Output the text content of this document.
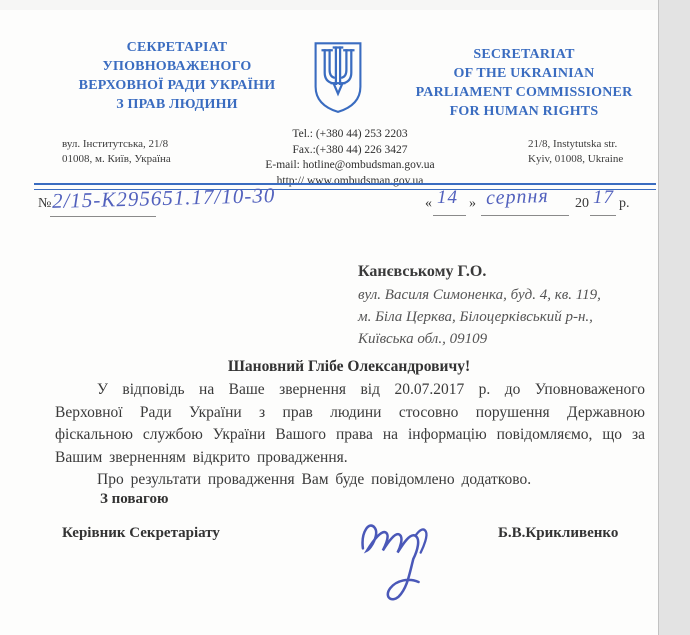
СЕКРЕТАРІАТ
УПОВНОВАЖЕНОГО
ВЕРХОВНОЇ РАДИ УКРАЇНИ
З ПРАВ ЛЮДИНИ
SECRETARIAT
OF THE UKRAINIAN
PARLIAMENT COMMISSIONER
FOR HUMAN RIGHTS
вул. Інститутська, 21/8
01008, м. Київ, Україна
Tel.: (+380 44) 253 2203
Fax.:(+380 44) 226 3427
E-mail: hotline@ombudsman.gov.ua
http:// www.ombudsman.gov.ua
21/8, Instytutska str.
Kyiv, 01008, Ukraine
№ 2/15-К295651.17/10-30	« 14 » серпня 20 17 р.
Канєвському Г.О.
вул. Василя Симоненка, буд. 4, кв. 119,
м. Біла Церква, Білоцерківський р-н.,
Київська обл., 09109
Шановний Глібе Олександровичу!

У відповідь на Ваше звернення від 20.07.2017 р. до Уповноваженого Верховної Ради України з прав людини стосовно порушення Державною фіскальною службою України Вашого права на інформацію повідомляємо, що за Вашим зверненням відкрито провадження.

Про результати провадження Вам буде повідомлено додатково.

З повагою
Керівник Секретаріату	Б.В.Крикливенко
